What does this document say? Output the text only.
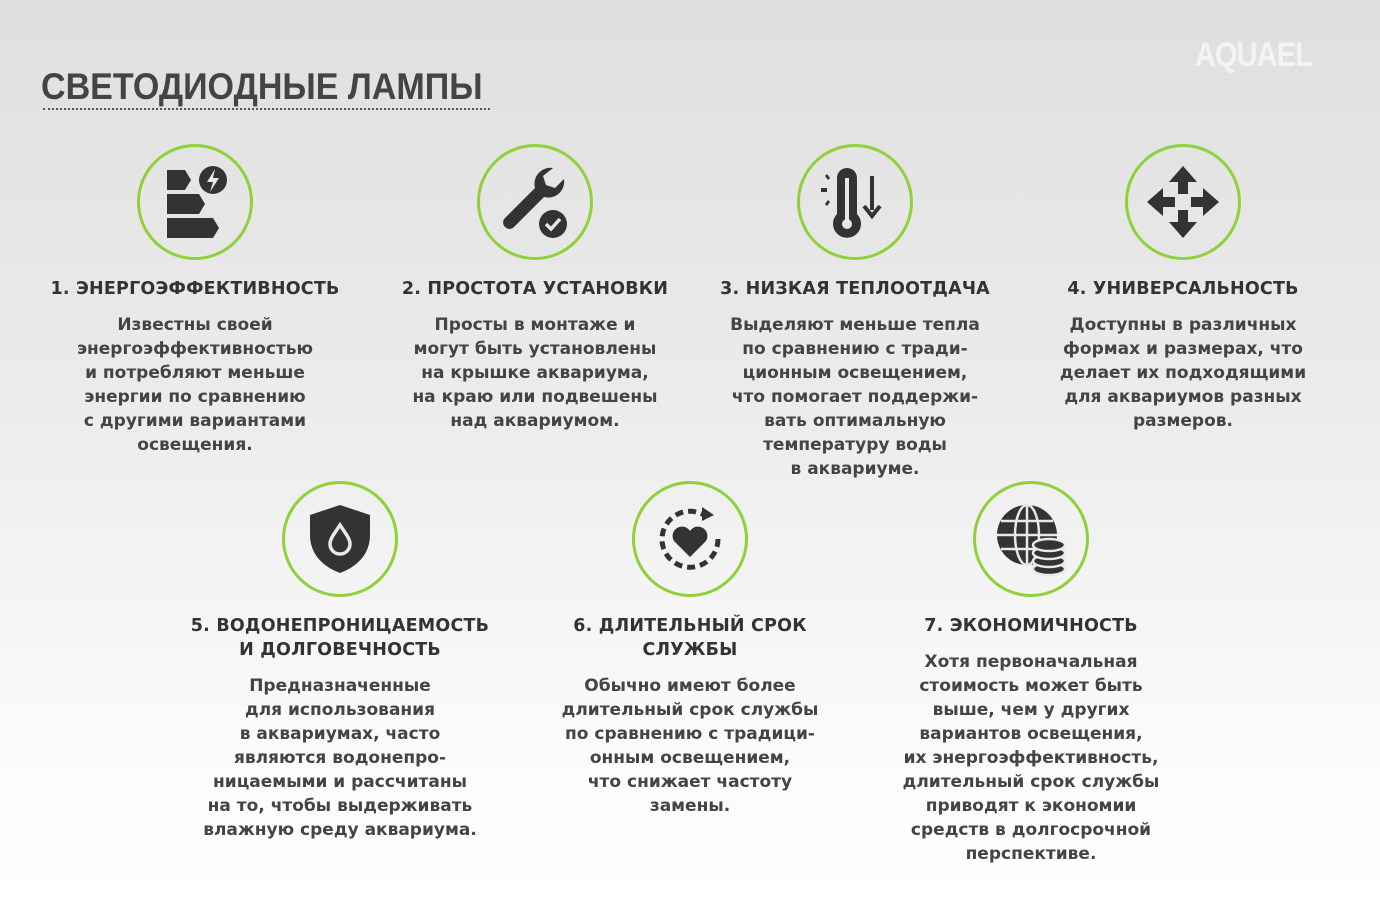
СВЕТОДИОДНЫЕ ЛАМПЫ
AQUAEL
1. ЭНЕРГОЭФФЕКТИВНОСТЬ
Известны своей
энергоэффективностью
и потребляют меньше
энергии по сравнению
с другими вариантами
освещения.
2. ПРОСТОТА УСТАНОВКИ
Просты в монтаже и
могут быть установлены
на крышке аквариума,
на краю или подвешены
над аквариумом.
3. НИЗКАЯ ТЕПЛООТДАЧА
Выделяют меньше тепла
по сравнению с тради-
ционным освещением,
что помогает поддержи-
вать оптимальную
температуру воды
в аквариуме.
4. УНИВЕРСАЛЬНОСТЬ
Доступны в различных
формах и размерах, что
делает их подходящими
для аквариумов разных
размеров.
5. ВОДОНЕПРОНИЦАЕМОСТЬ
И ДОЛГОВЕЧНОСТЬ
Предназначенные
для использования
в аквариумах, часто
являются водонепро-
ницаемыми и рассчитаны
на то, чтобы выдерживать
влажную среду аквариума.
6. ДЛИТЕЛЬНЫЙ СРОК
СЛУЖБЫ
Обычно имеют более
длительный срок службы
по сравнению с традици-
онным освещением,
что снижает частоту
замены.
7. ЭКОНОМИЧНОСТЬ
Хотя первоначальная
стоимость может быть
выше, чем у других
вариантов освещения,
их энергоэффективность,
длительный срок службы
приводят к экономии
средств в долгосрочной
перспективе.
